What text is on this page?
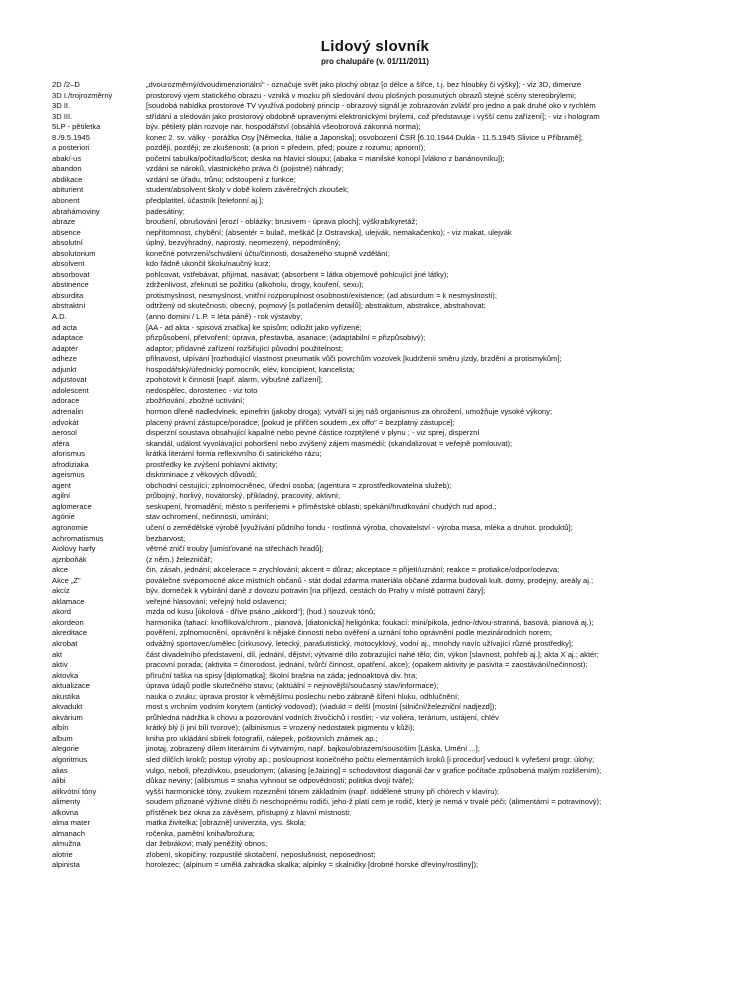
Lidový slovník

pro chalupáře (v. 01/11/2011)

2D /2–D	„dvourozměrný/dvoudimenzionální“ - označuje svět jako plochý obraz [o délce a šířce, t.j. bez hloubky či výšky]; - viz 3D, dimenze
3D I./trojrozměrný	prostorový vjem statického obrazu - vzniká v mozku při sledování dvou plošných posunutých obrazů stejné scény stereobrýlemi;
3D II.	[soudobá nabídka prostorové TV využívá podobný princip - obrazový signál je zobrazován zvlášť pro jedno a pak druhé oko v rychlém
3D III.	střídání a sledován jako prostorový obdobně upravenými elektronickými brýlemi, což představuje i vyšší cenu zařízení]; - viz i hologram
5LP - pětiletka	býv. pětiletý plán rozvoje nár. hospodářství (obsáhlá všeoborová zákonná norma);
8./9.5.1945	konec 2. sv. války - porážka Osy [Německa, Itálie a Japonska]; osvobození ČSR [6.10.1944 Dukla - 11.5.1945 Slivice u Příbramě];
a posteriori	později, později; ze zkušenosti; (a priori = předem, před; pouze z rozumu; apriorní);
abak/-us	početní tabulka/počítadlo/šcot; deska na hlavici sloupu; (abaka = manilské konopí [vlákno z banánovníku]);
abandon	vzdání se nároků, vlastnického práva či (pojistné) náhrady;
abdikace	vzdání se úřadu, trůnu; odstoupení z funkce;
abiturient	student/absolvent školy v době kolem závěrečných zkoušek;
abonent	předplatitel, účastník [telefonní aj.];
abrahámoviny	padesátiny;
abraze	broušení, obrušování [erozí - oblázky; brusivem - úprava ploch]; výškrab/kyretáž;
absence	nepřítomnost, chybění; (absentér = bulač, meškáč [z Ostravska], ulejvák, nemakačenko); - viz makat, ulejvák
absolutní	úplný, bezvýhradný, naprostý, neomezený, nepodmíněný;
absolutorium	konečné potvrzení/schválení účtu/činnosti, dosaženého stupně vzdělání;
absolvent	kdo řádně ukončil školu/naučný kurz;
absorbovat	pohlcovat, vstřebávat, přijímat, nasávat; (absorbent = látka objemově pohlcující jiné látky);
abstinence	zdrženlivost, zřeknutí se požitku (alkoholu, drogy, kouření, sexu);
absurdita	protismyslnost, nesmyslnost, vnitřní rozporuplnost osobnosti/existence; (ad absurdum = k nesmyslnosti);
abstraktní	odtržený od skutečnosti, obecný, pojmový [s potlačením detailů]; abstraktum, abstrakce, abstrahovat;
A.D.	(anno domini / L.P. = léta páně) - rok výstavby;
ad acta	[AA - ad akta - spisová značka] ke spisům; odložit jako vyřízené;
adaptace	přizpůsobení, přetvoření; úprava, přestavba, asanace; (adaptabilní = přizpůsobivý);
adaptér	adaptor; přídavné zařízení rozšiřující původní použitelnost;
adheze	přilnavost, ulpívání [rozhodující vlastnost pneumatik vůči povrchům vozovek [kudrženíi směru jízdy, brzdění a protismykům];
adjunkt	hospodářský/úřednický pomocník, elév, koncipient, kancelista;
adjustovat	zpohotovit k činnosti [např. alarm, výbušné zařízení];
adolescent	nedospělec, dorostenec - viz toto
adorace	zbožňování, zbožné uctívání;
adrenalin	hormon dřeně nadledvinek, epinefrin (jakoby droga); vytváří si jej náš organismus za ohrožení, umožňuje vysoké výkony;
advokát	placený právní zástupce/poradce; [pokud je přiřčen soudem „ex offo“ = bezplatný zástupce];
aerosol	disperzní soustava obsahující kapalné nebo pevné částice rozptýlené v plynu ; - viz sprej, disperzní
aféra	skandál, událost vyvolávající pohoršení nebo zvýšený zájem masmédií; (skandalizovat = veřejně pomlouvat);
aforismus	krátká literární forma reflexivního či satirického rázu;
afrodiziaka	prostředky ke zvýšení pohlavní aktivity;
ageismus	diskriminace z věkových důvodů;
agent	obchodní cestující; zplnomocněnec, úřední osoba; (agentura = zprostředkovatelna služeb);
agilní	průbojný, horlivý, novátorský, příkladný, pracovitý, aktivní;
aglomerace	seskupení, hromadění; město s periferiemi + příměstské oblasti; spékání/hrudkování chudých rud apod.;
agónie	stav ochromení, nečinnosti, umírání;
agronomie	učení o zemědělské výrobě [využívání půdního fondu - rostlinná výroba, chovatelství - výroba masa, mléka a druhot. produktů];
achromatismus	bezbarvost;
Aiolovy harfy	větrné zničí trouby [umísťované na střechách hradů];
ajznboňák	(z něm.) železničář;
akce	čin, zásah, jednání; akcelerace = zrychlování; akcent = důraz; akceptace = přijetí/uznání; reakce = protiakce/odpor/odezva;
Akce „Z“	poválečné svépomocné akce místních občanů - stát dodal zdarma materiála občané zdarma budovali kult. domy, prodejny, areály aj.;
akcíz	býv. domeček k vybírání daně z dovozu potravin [na příjezd. cestách do Prahy v místě potravní čáry];
aklamace	veřejné hlasování; veřejný hold oslavenci;
akord	mzda od kusu [úkolová - dříve psáno „akkord“]; (hud.) souzvuk tónů;
akordeon	harmonika (tahací: knoflíková/chrom., pianová, [diatonická] heligónka; foukací: mini/pikola, jedno-/dvou-stranná, basová, pianová aj.);
akreditace	pověření, zplnomocnění, oprávnění k nějaké činnosti nebo ověření a uznání toho oprávnění podle mezinárodních norem;
akrobat	odvážný sportovec/umělec [cirkusový, letecký, parašutistický, motocyklový, vodní aj., mnohdy navíc užívající různé prostředky];
akt	část divadelního představení, díl, jednání, dějství; výtvarné dílo zobrazující nahé tělo; čin, výkon [slavnost, pohřeb aj.]; akta X aj.; aktér;
aktiv	pracovní porada; (aktivita = činorodost, jednání, tvůrčí činnost, opatření, akce); (opakem aktivity je pasivita = zaostávání/nečinnost);
aktovka	příruční taška na spisy [diplomatka]; školní brašna na záda; jednoaktová div. hra;
aktualizace	úprava údajů podle skutečného stavu; (aktuální = nejnovější/současný stav/informace);
akustika	nauka o zvuku; úprava prostor k věrnějšímu poslechu nebo zábraně šíření hluku, odhlučnění;
akvadukt	most s vrchním vodním korytem (antický vodovod); (viadukt = delší [mostní [silniční/železniční nadjezd]);
akvárium	průhledná nádržka k chovu a pozorování vodních živočichů i rostlin; - viz voliéra, terárium, ustájení, chlév
albín	krátký blý (i jiní bílí tvorové); (albinismus = vrozený nedostatek pigmentu v kůži);
album	kniha pro ukládání sbírek fotografií, nálepek, poštovních známek ap.;
alegorie	jinotaj, zobrazený dílem literárním či výtvarným, např. bajkou/obrazem/sousoším [Láska, Umění ...];
algoritmus	sled dílčích kroků; postup výroby ap.; posloupnost konečného počtu elementárních kroků [i procedur] vedoucí k vyřešení progr. úlohy;
alias	vulgo, neboli, přezdívkou, pseudonym; (aliasing [eJaizing] = schodovitost diagonál čar v grafice počítače způsobená malým rozlišením);
alibi	důkaz neviny; (alibismus = snaha vyhnout se odpovědnosti; politika dvojí tváře);
alikvótní tóny	vyšší harmonické tóny, zvukem rozeznění tónem základním (např. oddělené struny při chórech v klavíru);
alimenty	soudem přiznané výživné dítěti či neschopnému rodiči, jeho-ž platí cem je rodič, který je nemá v trvalé péči; (alimentární = potravinový);
alkovna	přístěnek bez okna za závěsem, přístupný z hlavní místnosti;
alma mater	matka živitelka; [obrazně] univerzita, vys. škola;
almanach	ročenka, pamětní kniha/brožura;
almužna	dar žebrákovi; malý peněžitý obnos;
alotrie	zlobení, skopičiny, rozpustilé skotačení, neposlušnost, neposednost;
alpinista	horolezec; (alpinum = umělá zahrádka skalka; alpinky = skalničky [drobné horské dřeviny/rostliny]);
